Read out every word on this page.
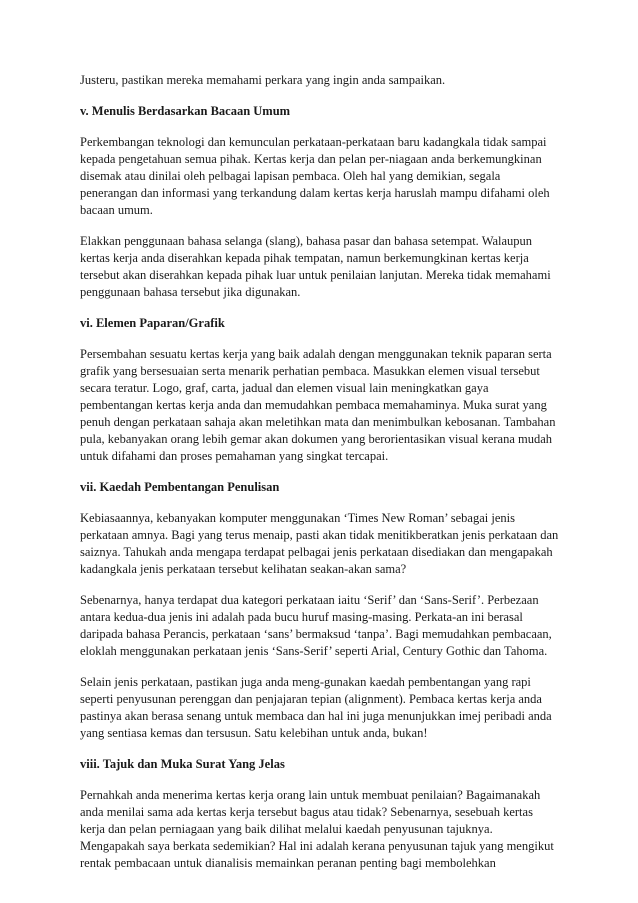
Justeru, pastikan mereka memahami perkara yang ingin anda sampaikan.

v. Menulis Berdasarkan Bacaan Umum

Perkembangan teknologi dan kemunculan perkataan-perkataan baru kadangkala tidak sampai kepada pengetahuan semua pihak. Kertas kerja dan pelan per-niagaan anda berkemungkinan disemak atau dinilai oleh pelbagai lapisan pembaca. Oleh hal yang demikian, segala penerangan dan informasi yang terkandung dalam kertas kerja haruslah mampu difahami oleh bacaan umum.

Elakkan penggunaan bahasa selanga (slang), bahasa pasar dan bahasa setempat. Walaupun kertas kerja anda diserahkan kepada pihak tempatan, namun berkemungkinan kertas kerja tersebut akan diserahkan kepada pihak luar untuk penilaian lanjutan. Mereka tidak memahami penggunaan bahasa tersebut jika digunakan.

vi. Elemen Paparan/Grafik

Persembahan sesuatu kertas kerja yang baik adalah dengan menggunakan teknik paparan serta grafik yang bersesuaian serta menarik perhatian pembaca. Masukkan elemen visual tersebut secara teratur. Logo, graf, carta, jadual dan elemen visual lain meningkatkan gaya pembentangan kertas kerja anda dan memudahkan pembaca memahaminya. Muka surat yang penuh dengan perkataan sahaja akan meletihkan mata dan menimbulkan kebosanan. Tambahan pula, kebanyakan orang lebih gemar akan dokumen yang berorientasikan visual kerana mudah untuk difahami dan proses pemahaman yang singkat tercapai.

vii. Kaedah Pembentangan Penulisan

Kebiasaannya, kebanyakan komputer menggunakan ‘Times New Roman’ sebagai jenis perkataan amnya. Bagi yang terus menaip, pasti akan tidak menitikberatkan jenis perkataan dan saiznya. Tahukah anda mengapa terdapat pelbagai jenis perkataan disediakan dan mengapakah kadangkala jenis perkataan tersebut kelihatan seakan-akan sama?

Sebenarnya, hanya terdapat dua kategori perkataan iaitu ‘Serif’ dan ‘Sans-Serif’. Perbezaan antara kedua-dua jenis ini adalah pada bucu huruf masing-masing. Perkata-an ini berasal daripada bahasa Perancis, perkataan ‘sans’ bermaksud ‘tanpa’. Bagi memudahkan pembacaan, eloklah menggunakan perkataan jenis ‘Sans-Serif’ seperti Arial, Century Gothic dan Tahoma.

Selain jenis perkataan, pastikan juga anda meng-gunakan kaedah pembentangan yang rapi seperti penyusunan perenggan dan penjajaran tepian (alignment). Pembaca kertas kerja anda pastinya akan berasa senang untuk membaca dan hal ini juga menunjukkan imej peribadi anda yang sentiasa kemas dan tersusun. Satu kelebihan untuk anda, bukan!

viii. Tajuk dan Muka Surat Yang Jelas

Pernahkah anda menerima kertas kerja orang lain untuk membuat penilaian? Bagaimanakah anda menilai sama ada kertas kerja tersebut bagus atau tidak? Sebenarnya, sesebuah kertas kerja dan pelan perniagaan yang baik dilihat melalui kaedah penyusunan tajuknya. Mengapakah saya berkata sedemikian? Hal ini adalah kerana penyusunan tajuk yang mengikut rentak pembacaan untuk dianalisis memainkan peranan penting bagi membolehkan
